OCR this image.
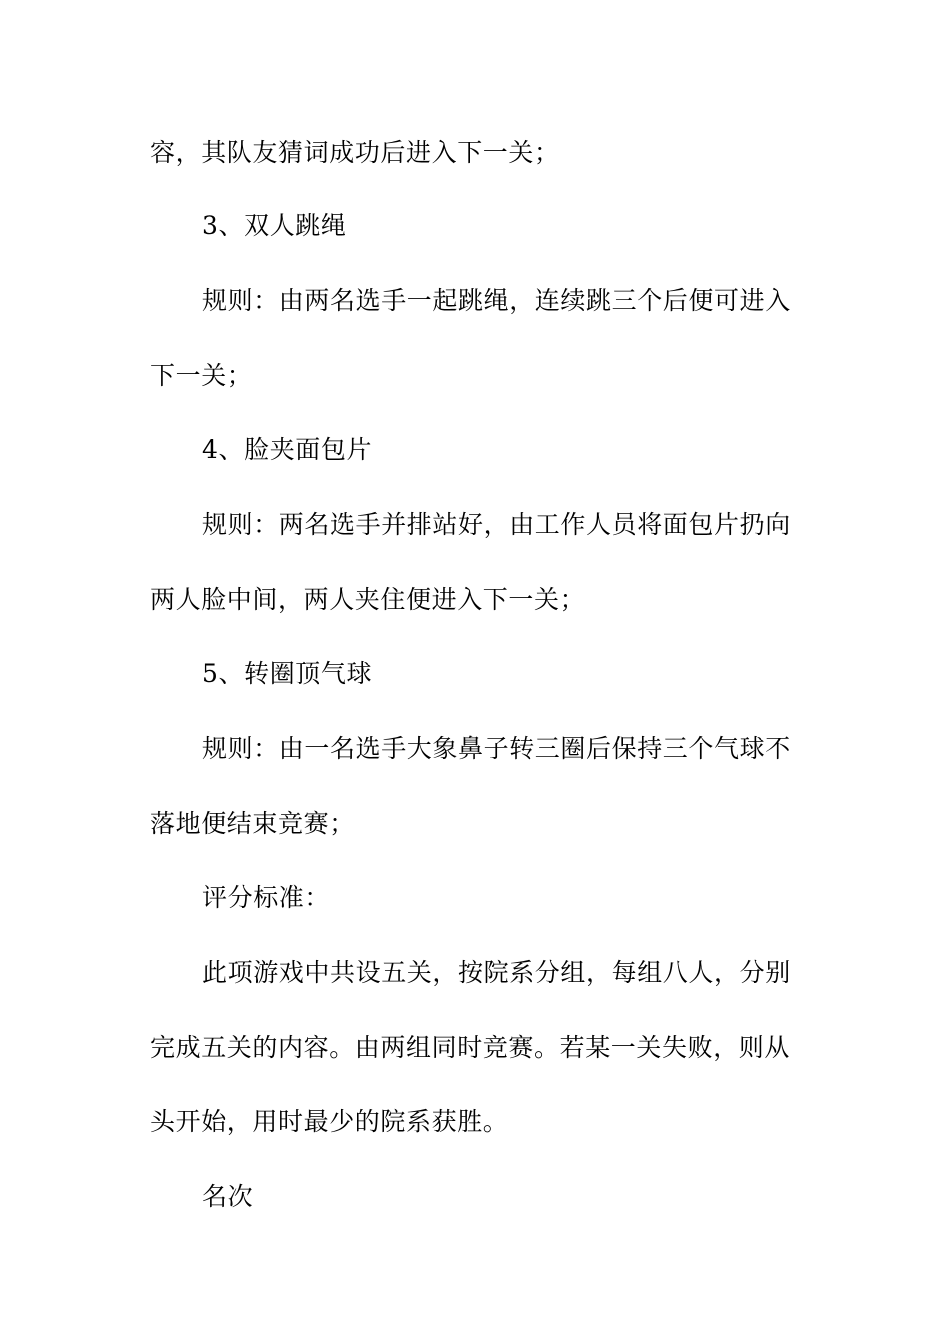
容，其队友猜词成功后进入下一关；
3、双人跳绳
规则：由两名选手一起跳绳，连续跳三个后便可进入
下一关；
4、脸夹面包片
规则：两名选手并排站好，由工作人员将面包片扔向
两人脸中间，两人夹住便进入下一关；
5、转圈顶气球
规则：由一名选手大象鼻子转三圈后保持三个气球不
落地便结束竞赛；
评分标准：
此项游戏中共设五关，按院系分组，每组八人，分别
完成五关的内容。由两组同时竞赛。若某一关失败，则从
头开始，用时最少的院系获胜。
名次
